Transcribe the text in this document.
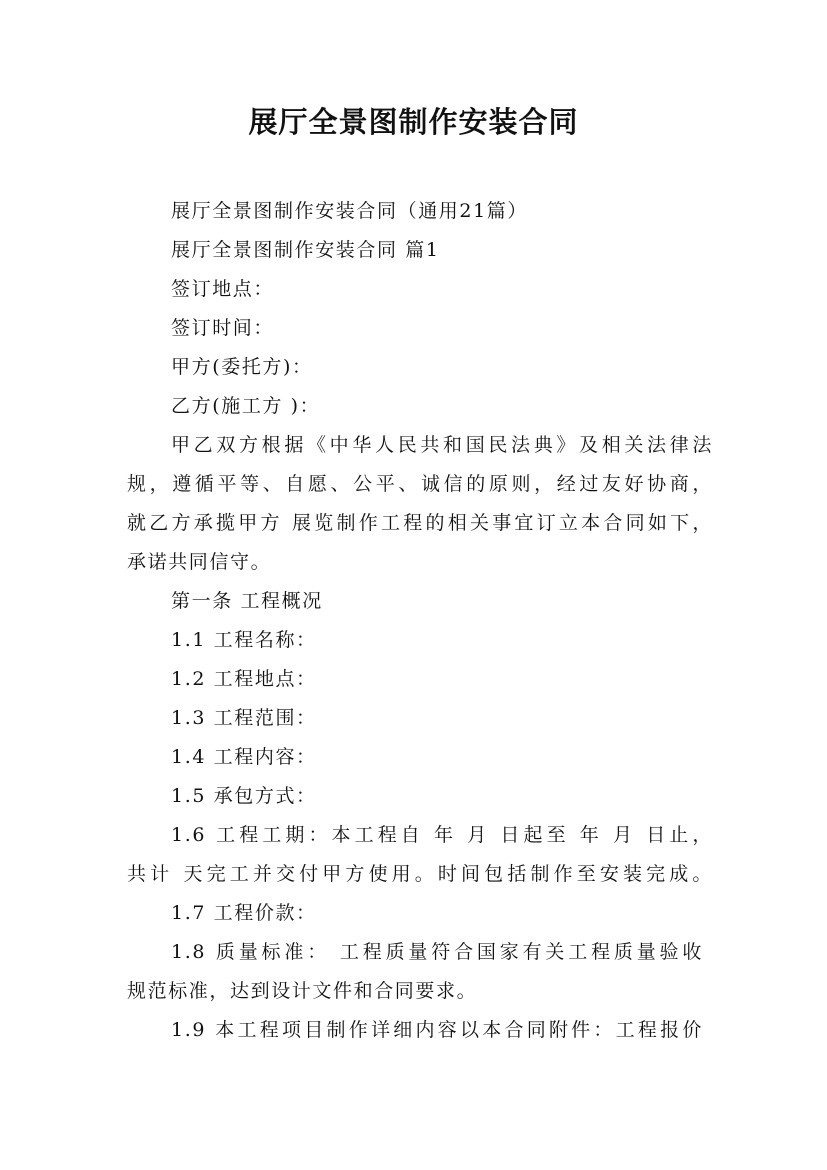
展厅全景图制作安装合同

展厅全景图制作安装合同（通用21篇）

展厅全景图制作安装合同 篇1

签订地点：

签订时间：

甲方(委托方)：

乙方(施工方 )：

甲乙双方根据《中华人民共和国民法典》及相关法律法

规，遵循平等、自愿、公平、诚信的原则，经过友好协商，

就乙方承揽甲方 展览制作工程的相关事宜订立本合同如下，

承诺共同信守。

第一条 工程概况

1.1 工程名称：

1.2 工程地点：

1.3 工程范围：

1.4 工程内容：

1.5 承包方式：

1.6 工程工期：本工程自 年 月 日起至 年 月 日止，

共计 天完工并交付甲方使用。时间包括制作至安装完成。

1.7 工程价款：

1.8 质量标准： 工程质量符合国家有关工程质量验收

规范标准，达到设计文件和合同要求。

1.9 本工程项目制作详细内容以本合同附件：工程报价
